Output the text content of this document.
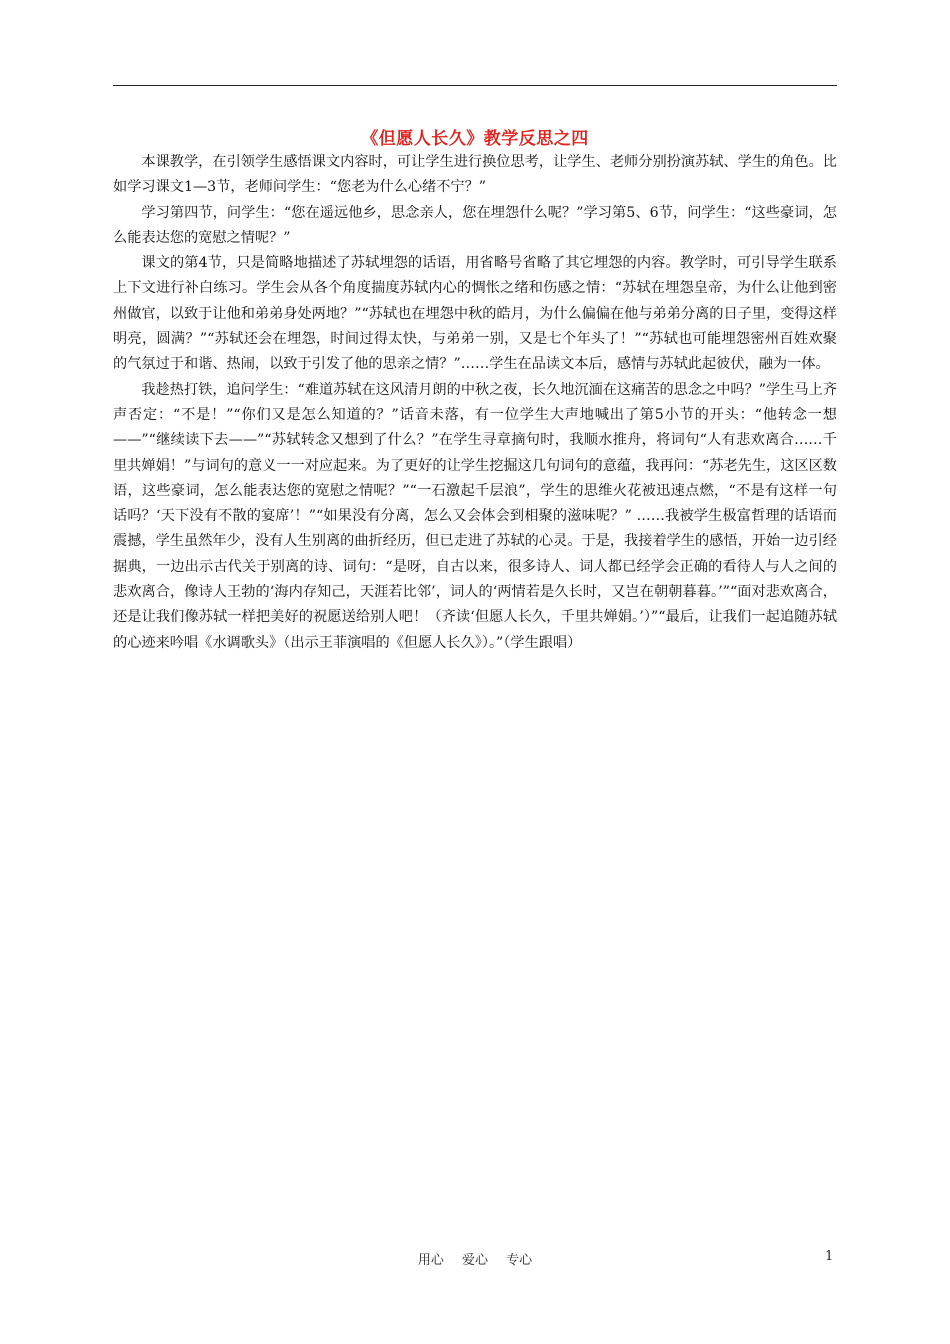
《但愿人长久》教学反思之四

本课教学，在引领学生感悟课文内容时，可让学生进行换位思考，让学生、老师分别扮演苏轼、学生的角色。比如学习课文1—3节，老师问学生：“您老为什么心绪不宁？”

学习第四节，问学生：“您在遥远他乡，思念亲人，您在埋怨什么呢？”学习第5、6节，问学生：“这些豪词，怎么能表达您的宽慰之情呢？”

课文的第4节，只是简略地描述了苏轼埋怨的话语，用省略号省略了其它埋怨的内容。教学时，可引导学生联系上下文进行补白练习。学生会从各个角度揣度苏轼内心的惆怅之绪和伤感之情：“苏轼在埋怨皇帝，为什么让他到密州做官，以致于让他和弟弟身处两地？”“苏轼也在埋怨中秋的皓月，为什么偏偏在他与弟弟分离的日子里，变得这样明亮，圆满？”“苏轼还会在埋怨，时间过得太快，与弟弟一别，又是七个年头了！”“苏轼也可能埋怨密州百姓欢聚的气氛过于和谐、热闹，以致于引发了他的思亲之情？”……学生在品读文本后，感情与苏轼此起彼伏，融为一体。

我趁热打铁，追问学生：“难道苏轼在这风清月朗的中秋之夜，长久地沉湎在这痛苦的思念之中吗？”学生马上齐声否定：“不是！”“你们又是怎么知道的？”话音未落，有一位学生大声地喊出了第5小节的开头：“他转念一想——”“继续读下去——”“苏轼转念又想到了什么？”在学生寻章摘句时，我顺水推舟，将词句“人有悲欢离合……千里共婵娟！”与词句的意义一一对应起来。为了更好的让学生挖掘这几句词句的意蕴，我再问：“苏老先生，这区区数语，这些豪词，怎么能表达您的宽慰之情呢？”“一石激起千层浪”，学生的思维火花被迅速点燃，“不是有这样一句话吗？‘天下没有不散的宴席’！”“如果没有分离，怎么又会体会到相聚的滋味呢？” ……我被学生极富哲理的话语而震撼，学生虽然年少，没有人生别离的曲折经历，但已走进了苏轼的心灵。于是，我接着学生的感悟，开始一边引经据典，一边出示古代关于别离的诗、词句：“是呀，自古以来，很多诗人、词人都已经学会正确的看待人与人之间的悲欢离合，像诗人王勃的‘海内存知己，天涯若比邻’，词人的‘两情若是久长时，又岂在朝朝暮暮。’”“面对悲欢离合，还是让我们像苏轼一样把美好的祝愿送给别人吧！（齐读‘但愿人长久，千里共婵娟。’）”“最后，让我们一起追随苏轼的心迹来吟唱《水调歌头》（出示王菲演唱的《但愿人长久》）。”（学生跟唱）

用心 爱心 专心	1
